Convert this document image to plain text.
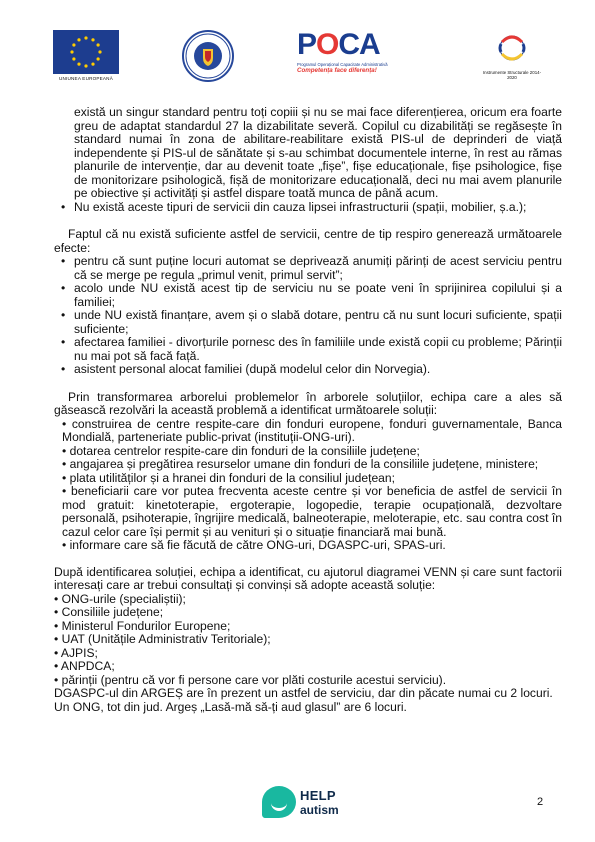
UNIUNEA EUROPEANĂ
POCA
Programul Operațional Capacitate Administrativă
Competența face diferența!	Instrumente Structurale 2014-2020

există un singur standard pentru toți copiii și nu se mai face diferențierea, oricum era foarte greu de adaptat standardul 27 la dizabilitate severă. Copilul cu dizabilități se regăsește în standard numai în zona de abilitare-reabilitare există PIS-ul de deprinderi de viață independente și PIS-ul de sănătate și s-au schimbat documentele interne, în rest au rămas planurile de intervenție, dar au devenit toate „fișe”, fișe educaționale, fișe psihologice, fișe de monitorizare psihologică, fișă de monitorizare educațională, deci nu mai avem planurile pe obiective și activități și astfel dispare toată munca de până acum.

• Nu există aceste tipuri de servicii din cauza lipsei infrastructurii (spații, mobilier, ș.a.);

Faptul că nu există suficiente astfel de servicii, centre de tip respiro generează următoarele efecte:

• pentru că sunt puține locuri automat se deprivează anumiți părinți de acest serviciu pentru că se merge pe regula „primul venit, primul servit”;
• acolo unde NU există acest tip de serviciu nu se poate veni în sprijinirea copilului și a familiei;
• unde NU există finanțare, avem și o slabă dotare, pentru că nu sunt locuri suficiente, spații suficiente;
• afectarea familiei - divorțurile pornesc des în familiile unde există copii cu probleme; Părinții nu mai pot să facă față.
• asistent personal alocat familiei (după modelul celor din Norvegia).

Prin transformarea arborelui problemelor în arborele soluțiilor, echipa care a ales să găsească rezolvări la această problemă a identificat următoarele soluții:

• construirea de centre respite-care din fonduri europene, fonduri guvernamentale, Banca Mondială, parteneriate public-privat (instituții-ONG-uri).
• dotarea centrelor respite-care din fonduri de la consiliile județene;
• angajarea și pregătirea resurselor umane din fonduri de la consiliile județene, ministere;
• plata utilităților și a hranei din fonduri de la consiliul județean;
• beneficiarii care vor putea frecventa aceste centre și vor beneficia de astfel de servicii în mod gratuit: kinetoterapie, ergoterapie, logopedie, terapie ocupațională, dezvoltare personală, psihoterapie, îngrijire medicală, balneoterapie, meloterapie, etc. sau contra cost în cazul celor care își permit și au venituri și o situație financiară mai bună.
• informare care să fie făcută de către ONG-uri, DGASPC-uri, SPAS-uri.

După identificarea soluției, echipa a identificat, cu ajutorul diagramei VENN și care sunt factorii interesați care ar trebui consultați și convinși să adopte această soluție:

• ONG-urile (specialiștii);
• Consiliile județene;
• Ministerul Fondurilor Europene;
• UAT (Unitățile Administrativ Teritoriale);
• AJPIS;
• ANPDCA;
• părinții (pentru că vor fi persone care vor plăti costurile acestui serviciu).

DGASPC-ul din ARGEȘ are în prezent un astfel de serviciu, dar din păcate numai cu 2 locuri.

Un ONG, tot din jud. Argeș „Lasă-mă să-ți aud glasul” are 6 locuri.

HELP
autism
2
